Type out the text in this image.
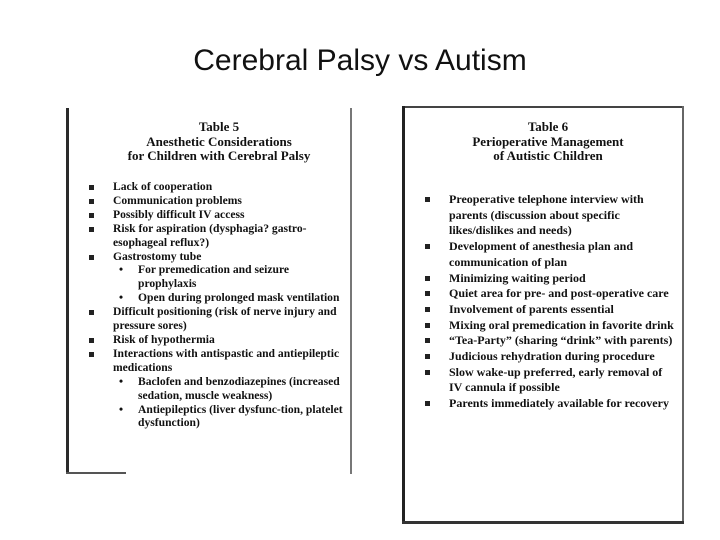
Cerebral Palsy vs Autism
Table 5
Anesthetic Considerations
for Children with Cerebral Palsy
Lack of cooperation
Communication problems
Possibly difficult IV access
Risk for aspiration (dysphagia? gastro-esophageal reflux?)
Gastrostomy tube
• For premedication and seizure prophylaxis
• Open during prolonged mask ventilation
Difficult positioning (risk of nerve injury and pressure sores)
Risk of hypothermia
Interactions with antispastic and antiepileptic medications
• Baclofen and benzodiazepines (increased sedation, muscle weakness)
• Antiepileptics (liver dysfunc-tion, platelet dysfunction)
Table 6
Perioperative Management
of Autistic Children
Preoperative telephone interview with parents (discussion about specific likes/dislikes and needs)
Development of anesthesia plan and communication of plan
Minimizing waiting period
Quiet area for pre- and post-operative care
Involvement of parents essential
Mixing oral premedication in favorite drink
“Tea-Party” (sharing “drink” with parents)
Judicious rehydration during procedure
Slow wake-up preferred, early removal of IV cannula if possible
Parents immediately available for recovery
